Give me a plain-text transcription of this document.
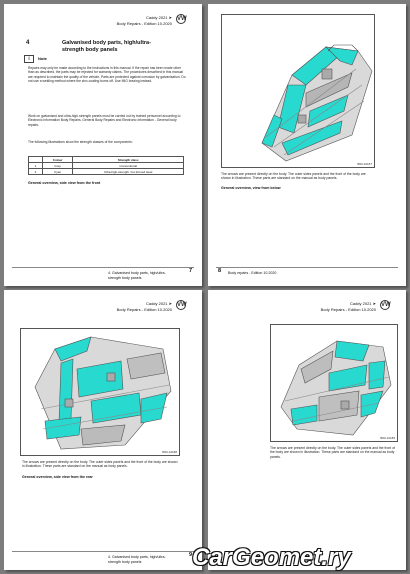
Caddy 2021 ➤
Body Repairs - Edition 10.2020
VW
4	Galvanised body parts, high/ultra-strength body panels
i	Note
Repairs may only be made according to the instructions in this manual. If the repair has been made other than as described, the parts may be rejected for warranty claims. The procedures described in this manual are required to maintain the quality of the vehicle. Parts are protected against corrosion by galvanisation. Do not use a welding method where the zinc coating burns off. Use MIG brazing instead.
Work on galvanised and ultra-high-strength panels must be carried out by trained personnel according to Electronic Information Body Repairs, General Body Repairs and Electronic information - General body repairs.
The following illustrations show the strength classes of the components:
	Colour	Strength class
1	Grey	Conventional
2	Cyan	Ultra-high-strength, hot-formed steel
General overview, side view from the front
4. Galvanised body parts, high/ultra-strength body panels
7
B60-10187
The arrows are present directly on the body. The outer sides panels and the front of the body are shown in illustration. These parts are standard on the manual as body panels.
General overview, view from below
8 Body repairs - Edition 10.2020
Caddy 2021 ➤
Body Repairs - Edition 10.2020
VW
B60-10188
The arrows are present directly on the body. The outer sides panels and the front of the body are shown in illustration. These parts are standard on the manual as body panels.
General overview, side view from the rear
4. Galvanised body parts, high/ultra-strength body panels
9
Caddy 2021 ➤
Body Repairs - Edition 10.2020
VW
B60-10189
The arrows are present directly on the body. The outer sides panels and the front of the body are shown in illustration. These parts are standard on the manual as body panels.
CarGeomet.ry
